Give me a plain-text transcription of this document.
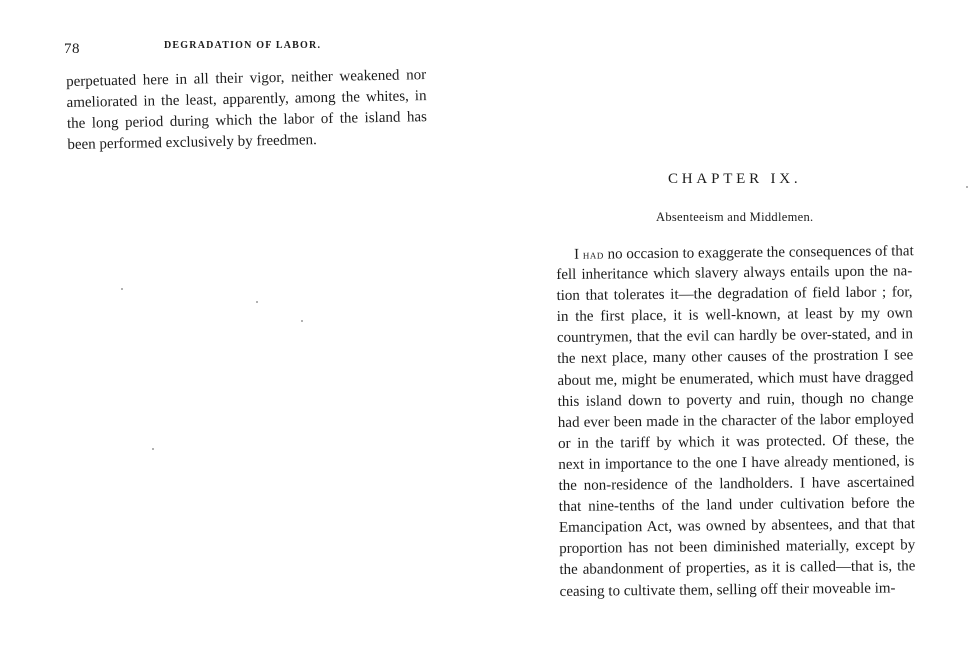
78	DEGRADATION OF LABOR.
perpetuated here in all their vigor, neither weakened nor
ameliorated in the least, apparently, among the whites, in
the long period during which the labor of the island has
been performed exclusively by freedmen.
CHAPTER IX.
Absenteeism and Middlemen.
I had no occasion to exaggerate the consequences of that
fell inheritance which slavery always entails upon the na-
tion that tolerates it—the degradation of field labor ; for,
in the first place, it is well-known, at least by my own
countrymen, that the evil can hardly be over-stated, and in
the next place, many other causes of the prostration I see
about me, might be enumerated, which must have dragged
this island down to poverty and ruin, though no change
had ever been made in the character of the labor employed
or in the tariff by which it was protected. Of these, the
next in importance to the one I have already mentioned, is
the non-residence of the landholders. I have ascertained
that nine-tenths of the land under cultivation before the
Emancipation Act, was owned by absentees, and that that
proportion has not been diminished materially, except by
the abandonment of properties, as it is called—that is, the
ceasing to cultivate them, selling off their moveable im-
